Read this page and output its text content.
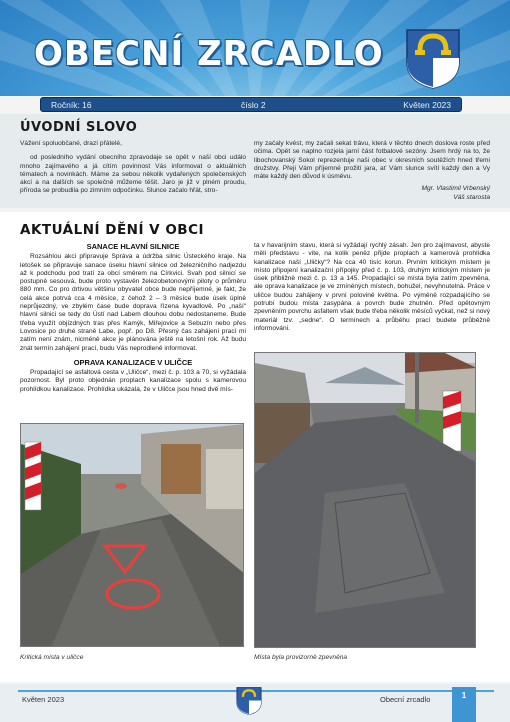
OBECNÍ ZRCADLO
Ročník: 16	číslo 2	Květen 2023
ÚVODNÍ SLOVO

Vážení spoluobčané, drazí přátelé,

od posledního vydání obecního zpravodaje se opět v naší obci událo mnoho zajímavého a já cítím povinnost Vás informovat o aktuálních tématech a novinkách. Máme za sebou několik vydařených společenských akcí a na dalších se společně můžeme těšit. Jaro je již v plném proudu, příroda se probudila po zimním odpočinku. Slunce začalo hřát, stro-

my začaly kvést, my začali sekat trávu, která v těchto dnech doslova roste před očima. Opět se naplno rozjela jarní část fotbalové sezóny. Jsem hrdý na to, že libochovanský Sokol reprezentuje naši obec v okresních soutěžích hned třemi družstvy. Přeji Vám příjemné prožití jara, ať Vám slunce svítí každý den a Vy máte každý den důvod k úsměvu.

Mgr. Vlastimil Vrbenský

Váš starosta

AKTUÁLNÍ DĚNÍ V OBCI
SANACE HLAVNÍ SILNICE

Rozsáhlou akci připravuje Správa a údržba silnic Ústeckého kraje. Na letošek se připravuje sanace úseku hlavní silnice od železničního nadjezdu až k podchodu pod tratí za obcí směrem na Církvici. Svah pod silnicí se postupně sesouvá, bude proto vystavěn železobetonovými piloty o průměru 880 mm. Co pro drtivou většinu obyvatel obce bude nepříjemné, je fakt, že celá akce potrvá cca 4 měsíce, z čehož 2 – 3 měsíce bude úsek úplně neprůjezdný, ve zbylém čase bude doprava řízena kyvadlově. Po „naší“ hlavní silnici se tedy do Ústí nad Labem dlouhou dobu nedostaneme. Bude třeba využít objízdných tras přes Kamýk, Miřejovice a Sebuzín nebo přes Lovosice po druhé straně Labe, popř. po D8. Přesný čas zahájení prací mi zatím není znám, nicméně akce je plánována ještě na letošní rok. Až budu znát termín zahájení prací, budu Vás neprodleně informovat.

OPRAVA KANALIZACE V ULIČCE

Propadající se asfaltová cesta v „Uličce“, mezi č. p. 103 a 70, si vyžádala pozornost. Byl proto objednán proplach kanalizace spolu s kamerovou prohlídkou kanalizace. Prohlídka ukázala, že v Uličce jsou hned dvě mís-

ta v havarijním stavu, která si vyžádají rychlý zásah. Jen pro zajímavost, abyste měli představu - vite, na kolik peněz přijde proplach a kamerová prohlídka kanalizace naší „Uličky“? Na cca 40 tisíc korun. Prvním kritickým místem je místo připojení kanalizační přípojky před č. p. 103, druhým kritickým místem je úsek přibližně mezi č. p. 13 a 145. Propadající se místa byla zatím zpevněna, ale oprava kanalizace je ve zmíněných místech, bohužel, nevyhnutelná. Práce v uličce budou zahájeny v první polovině května. Po výměně rozpadajícího se potrubí budou místa zasypána a povrch bude zhutněn. Před opětovným zpevněním povrchu asfaltem však bude třeba několik měsíců vyčkat, než si nový materiál tzv. „sedne“. O termínech a průběhu prací budete průběžně informováni.

Kritická místa v uličce	Místa byla provizorně zpevněna
Květen 2023	Obecní zrcadlo	1
